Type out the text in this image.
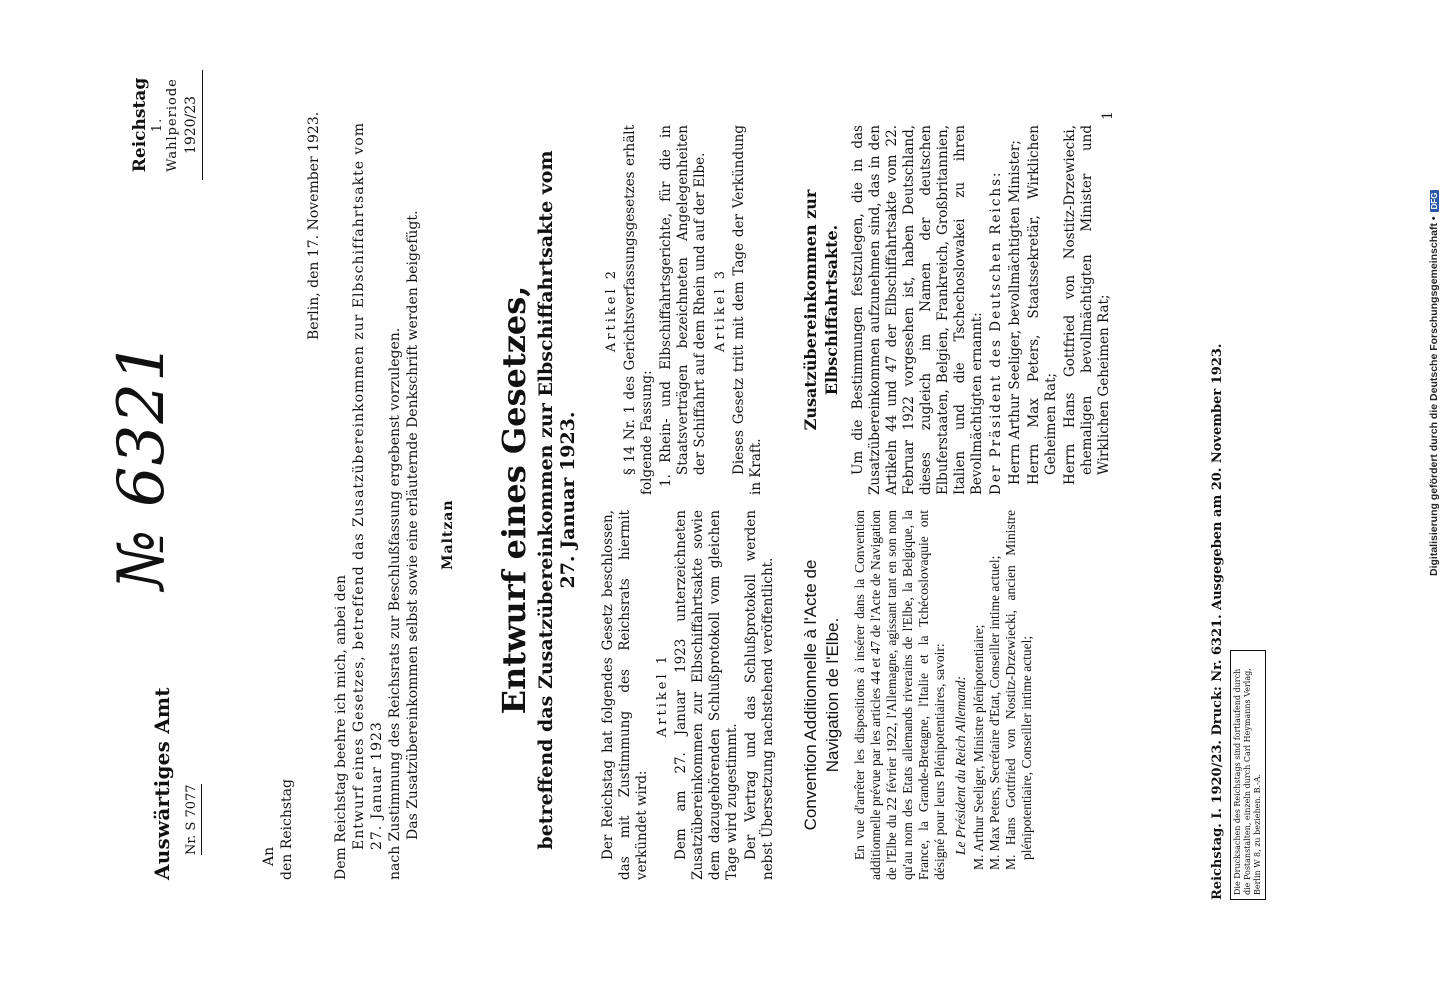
Auswärtiges Amt Nr. S 7077
№ 6321
Reichstag 1. Wahlperiode 1920/23
An den Reichstag
Berlin, den 17. November 1923.

Dem Reichstag beehre ich mich, anbei den Entwurf eines Gesetzes, betreffend das Zusatzübereinkommen zur Elbschiffahrtsakte vom 27. Januar 1923 nach Zustimmung des Reichsrats zur Beschlußfassung ergebenst vorzulegen. Das Zusatzübereinkommen selbst sowie eine erläuternde Denkschrift werden beigefügt. Maltzan Entwurf eines Gesetzes, betreffend das Zusatzübereinkommen zur Elbschiffahrtsakte vom 27. Januar 1923.

Der Reichstag hat folgendes Gesetz beschlossen, das mit Zustimmung des Reichsrats hiermit verkündet wird:

Artikel 1 Dem am 27. Januar 1923 unterzeichneten Zusatzübereinkommen zur Elbschiffahrtsakte sowie dem dazugehörenden Schlußprotokoll vom gleichen Tage wird zugestimmt. Der Vertrag und das Schlußprotokoll werden nebst Übersetzung nachstehend veröffentlicht.

Artikel 2 § 14 Nr. 1 des Gerichtsverfassungsgesetzes erhält folgende Fassung: 1. Rhein- und Elbschiffahrtsgerichte, für die in Staatsverträgen bezeichneten Angelegenheiten der Schiffahrt auf dem Rhein und auf der Elbe. Artikel 3 Dieses Gesetz tritt mit dem Tage der Verkündung in Kraft.

Convention Additionnelle à l'Acte de Navigation de l'Elbe. En vue d'arrêter les dispositions à insérer dans la Convention additionnelle prévue par les articles 44 et 47 de l'Acte de Navigation de l'Elbe du 22 février 1922, l'Allemagne, agissant tant en son nom qu'au nom des Etats allemands riverains de l'Elbe, la Belgique, la France, la Grande-Bretagne, l'Italie et la Tchécoslovaquie ont désigné pour leurs Plénipotentiaires, savoir: Le Président du Reich Allemand: M. Arthur Seeliger, Ministre plénipotentiaire; M. Max Peters, Secrétaire d'Etat, Conseiller intime actuel; M. Hans Gottfried von Nostitz-Drzewiecki, ancien Ministre plénipotentiaire, Conseiller intime actuel;

Zusatzübereinkommen zur Elbschiffahrtsakte. Um die Bestimmungen festzulegen, die in das Zusatzübereinkommen aufzunehmen sind, das in den Artikeln 44 und 47 der Elbschiffahrtsakte vom 22. Februar 1922 vorgesehen ist, haben Deutschland, dieses zugleich im Namen der deutschen Elbuferstaaten, Belgien, Frankreich, Großbritannien, Italien und die Tschechoslowakei zu ihren Bevollmächtigten ernannt: Der Präsident des Deutschen Reichs: Herrn Arthur Seeliger, bevollmächtigten Minister; Herrn Max Peters, Staatssekretär, Wirklichen Geheimen Rat; Herrn Hans Gottfried von Nostitz-Drzewiecki, ehemaligen bevollmächtigten Minister und Wirklichen Geheimen Rat;

1
Reichstag. I. 1920/23. Druck: Nr. 6321. Ausgegeben am 20. November 1923.	Die Drucksachen des Reichstags sind fortlaufend durch die Postanstalten, einzeln durch Carl Heymanns Verlag, Berlin W 8, zu beziehen. B.-A.
Digitalisierung gefördert durch die Deutsche Forschungsgemeinschaft •
DFG
